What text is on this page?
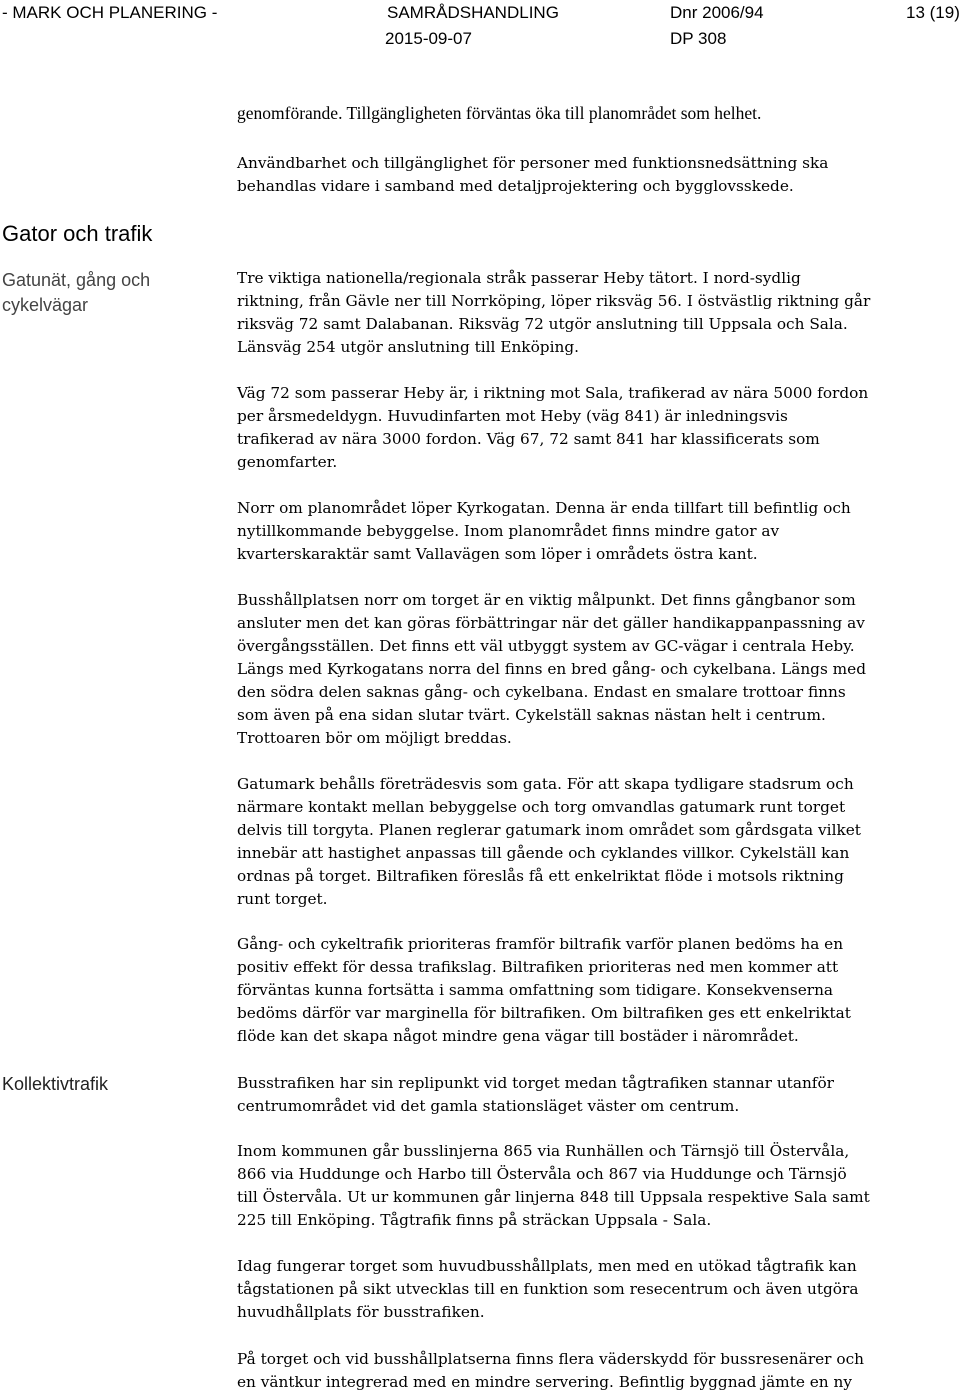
- MARK OCH PLANERING -	SAMRÅDSHANDLING
2015-09-07
Dnr 2006/94
DP 308
13 (19)
Gator och trafik

Gatunät, gång och
cykelvägar

Kollektivtrafik

genomförande. Tillgängligheten förväntas öka till planområdet som helhet.

Användbarhet och tillgänglighet för personer med funktionsnedsättning ska
behandlas vidare i samband med detaljprojektering och bygglovsskede.

Tre viktiga nationella/regionala stråk passerar Heby tätort. I nord-sydlig
riktning, från Gävle ner till Norrköping, löper riksväg 56. I östvästlig riktning går
riksväg 72 samt Dalabanan. Riksväg 72 utgör anslutning till Uppsala och Sala.
Länsväg 254 utgör anslutning till Enköping.

Väg 72 som passerar Heby är, i riktning mot Sala, trafikerad av nära 5000 fordon
per årsmedeldygn. Huvudinfarten mot Heby (väg 841) är inledningsvis
trafikerad av nära 3000 fordon. Väg 67, 72 samt 841 har klassificerats som
genomfarter.

Norr om planområdet löper Kyrkogatan. Denna är enda tillfart till befintlig och
nytillkommande bebyggelse. Inom planområdet finns mindre gator av
kvarterskaraktär samt Vallavägen som löper i områdets östra kant.

Busshållplatsen norr om torget är en viktig målpunkt. Det finns gångbanor som
ansluter men det kan göras förbättringar när det gäller handikappanpassning av
övergångsställen. Det finns ett väl utbyggt system av GC-vägar i centrala Heby.
Längs med Kyrkogatans norra del finns en bred gång- och cykelbana. Längs med
den södra delen saknas gång- och cykelbana. Endast en smalare trottoar finns
som även på ena sidan slutar tvärt. Cykelställ saknas nästan helt i centrum.
Trottoaren bör om möjligt breddas.

Gatumark behålls företrädesvis som gata. För att skapa tydligare stadsrum och
närmare kontakt mellan bebyggelse och torg omvandlas gatumark runt torget
delvis till torgyta. Planen reglerar gatumark inom området som gårdsgata vilket
innebär att hastighet anpassas till gående och cyklandes villkor. Cykelställ kan
ordnas på torget. Biltrafiken föreslås få ett enkelriktat flöde i motsols riktning
runt torget.

Gång- och cykeltrafik prioriteras framför biltrafik varför planen bedöms ha en
positiv effekt för dessa trafikslag. Biltrafiken prioriteras ned men kommer att
förväntas kunna fortsätta i samma omfattning som tidigare. Konsekvenserna
bedöms därför var marginella för biltrafiken. Om biltrafiken ges ett enkelriktat
flöde kan det skapa något mindre gena vägar till bostäder i närområdet.

Busstrafiken har sin replipunkt vid torget medan tågtrafiken stannar utanför
centrumområdet vid det gamla stationsläget väster om centrum.

Inom kommunen går busslinjerna 865 via Runhällen och Tärnsjö till Östervåla,
866 via Huddunge och Harbo till Östervåla och 867 via Huddunge och Tärnsjö
till Östervåla. Ut ur kommunen går linjerna 848 till Uppsala respektive Sala samt
225 till Enköping. Tågtrafik finns på sträckan Uppsala - Sala.

Idag fungerar torget som huvudbusshållplats, men med en utökad tågtrafik kan
tågstationen på sikt utvecklas till en funktion som resecentrum och även utgöra
huvudhållplats för busstrafiken.

På torget och vid busshållplatserna finns flera väderskydd för bussresenärer och
en väntkur integrerad med en mindre servering. Befintlig byggnad jämte en ny
